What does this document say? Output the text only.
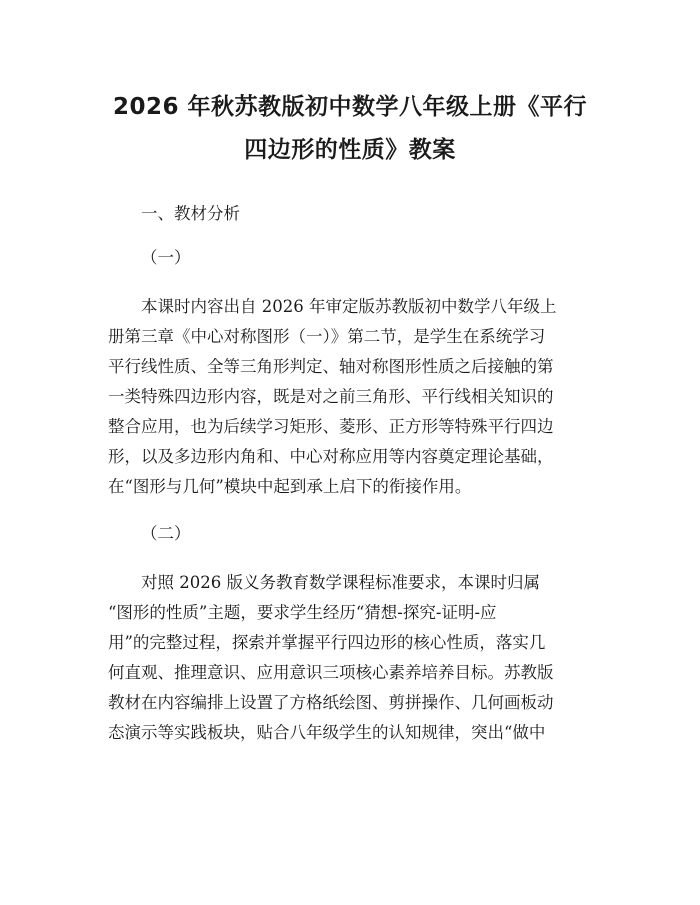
2026 年秋苏教版初中数学八年级上册《平行
四边形的性质》教案
一、教材分析
（一）
本课时内容出自 2026 年审定版苏教版初中数学八年级上
册第三章《中心对称图形（一）》第二节，是学生在系统学习
平行线性质、全等三角形判定、轴对称图形性质之后接触的第
一类特殊四边形内容，既是对之前三角形、平行线相关知识的
整合应用，也为后续学习矩形、菱形、正方形等特殊平行四边
形，以及多边形内角和、中心对称应用等内容奠定理论基础，
在“图形与几何”模块中起到承上启下的衔接作用。
（二）
对照 2026 版义务教育数学课程标准要求，本课时归属
“图形的性质”主题，要求学生经历“猜想-探究-证明-应
用”的完整过程，探索并掌握平行四边形的核心性质，落实几
何直观、推理意识、应用意识三项核心素养培养目标。苏教版
教材在内容编排上设置了方格纸绘图、剪拼操作、几何画板动
态演示等实践板块，贴合八年级学生的认知规律，突出“做中
